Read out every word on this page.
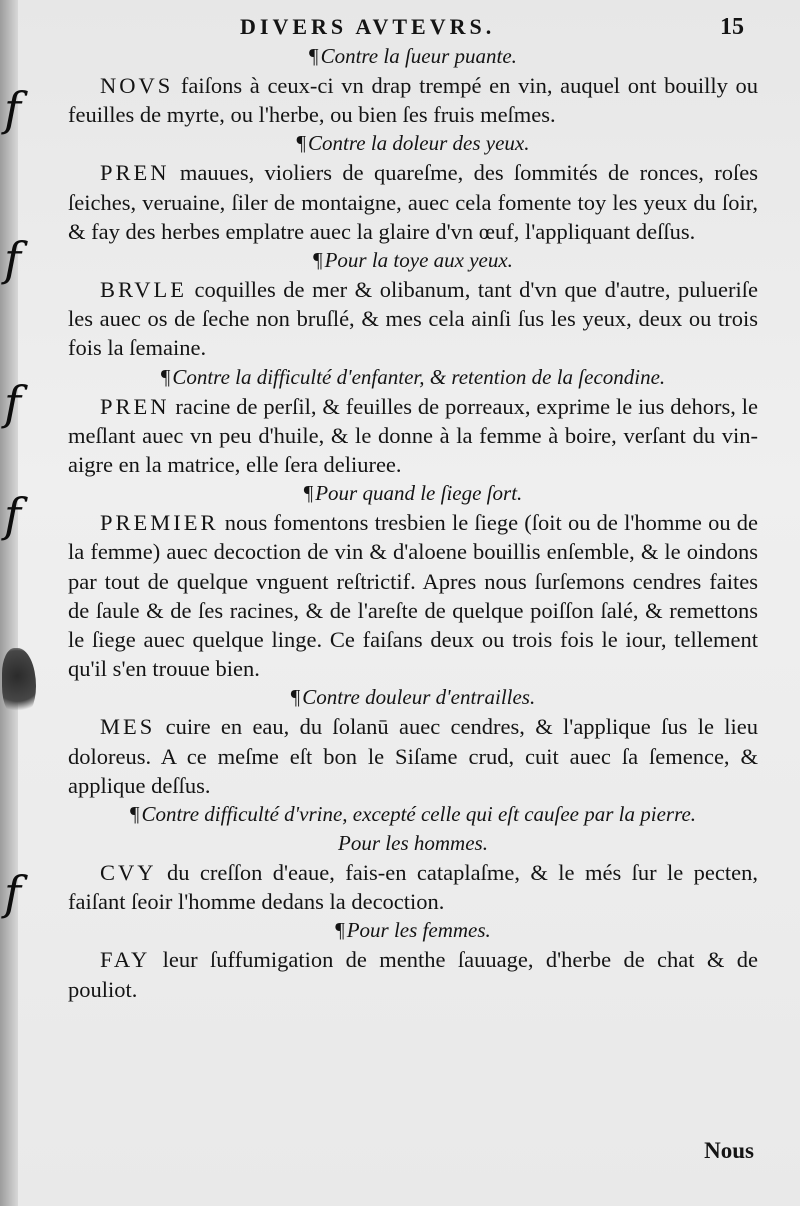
DIVERS AVTEVRS.	15
f
f
f
f
f

¶Contre la ſueur puante.

NOVS faiſons à ceux-ci vn drap trempé en vin, auquel ont bouilly ou feuilles de myrte, ou l'herbe, ou bien ſes fruis meſmes.

¶Contre la doleur des yeux.

PREN mauues, violiers de quareſme, des ſommités de ronces, roſes ſeiches, veruaine, ſiler de montaigne, auec cela fomente toy les yeux du ſoir, & fay des herbes emplatre auec la glaire d'vn œuf, l'appliquant deſſus.

¶Pour la toye aux yeux.

BRVLE coquilles de mer & olibanum, tant d'vn que d'autre, pulueriſe les auec os de ſeche non bruſlé, & mes cela ainſi ſus les yeux, deux ou trois fois la ſemaine.

¶Contre la difficulté d'enfanter, & retention de la ſecondine.

PREN racine de perſil, & feuilles de porreaux, exprime le ius dehors, le meſlant auec vn peu d'huile, & le donne à la femme à boire, verſant du vin-aigre en la matrice, elle ſera deliuree.

¶Pour quand le ſiege ſort.

PREMIER nous fomentons tresbien le ſiege (ſoit ou de l'homme ou de la femme) auec decoction de vin & d'aloene bouillis enſemble, & le oindons par tout de quelque vnguent reſtrictif. Apres nous ſurſemons cendres faites de ſaule & de ſes racines, & de l'areſte de quelque poiſſon ſalé, & remettons le ſiege auec quelque linge. Ce faiſans deux ou trois fois le iour, tellement qu'il s'en trouue bien.

¶Contre douleur d'entrailles.

MES cuire en eau, du ſolanū auec cendres, & l'applique ſus le lieu doloreus. A ce meſme eſt bon le Siſame crud, cuit auec ſa ſemence, & applique deſſus.

¶Contre difficulté d'vrine, excepté celle qui eſt cauſee par la pierre.

Pour les hommes.

CVY du creſſon d'eaue, fais-en cataplaſme, & le més ſur le pecten, faiſant ſeoir l'homme dedans la decoction.

¶Pour les femmes.

FAY leur ſuffumigation de menthe ſauuage, d'herbe de chat & de pouliot.

Nous
